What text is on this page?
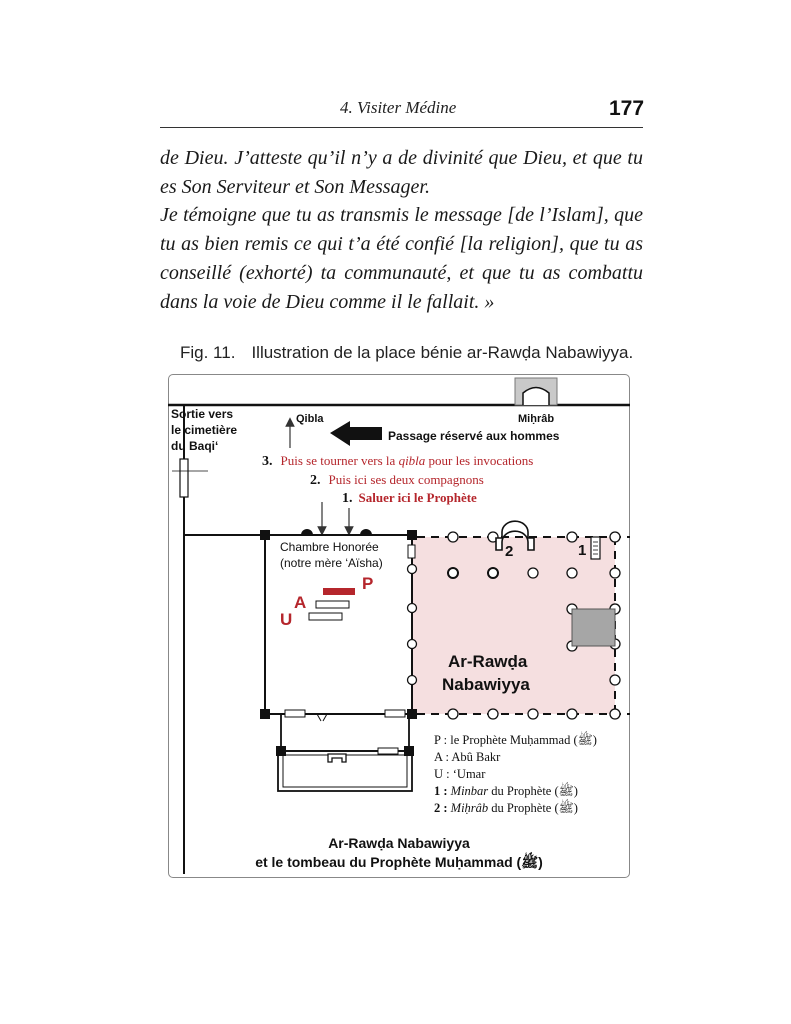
4. Visiter Médine	177

de Dieu. J’atteste qu’il n’y a de divinité que Dieu, et que tu es Son Serviteur et Son Messager.

Je témoigne que tu as transmis le message [de l’Islam], que tu as bien remis ce qui t’a été confié [la religion], que tu as conseillé (exhorté) ta communauté, et que tu as combattu dans la voie de Dieu comme il le fallait. »

Fig. 11. Illustration de la place bénie ar-Rawḍa Nabawiyya.
Sortie vers
le cimetière
du Baqi‘
Qibla	Miḥrâb
Passage réservé aux hommes
3. Puis se tourner vers la qibla pour les invocations
2. Puis ici ses deux compagnons
1. Saluer ici le Prophète
Chambre Honorée
(notre mère ‘Aïsha)
P
A
U
2	1
Ar-Rawḍa
Nabawiyya
P : le Prophète Muḥammad (ﷺ)
A : Abû Bakr
U : ‘Umar
1 : Minbar du Prophète (ﷺ)
2 : Miḥrâb du Prophète (ﷺ)
Ar-Rawḍa Nabawiyya
et le tombeau du Prophète Muḥammad (ﷺ)
